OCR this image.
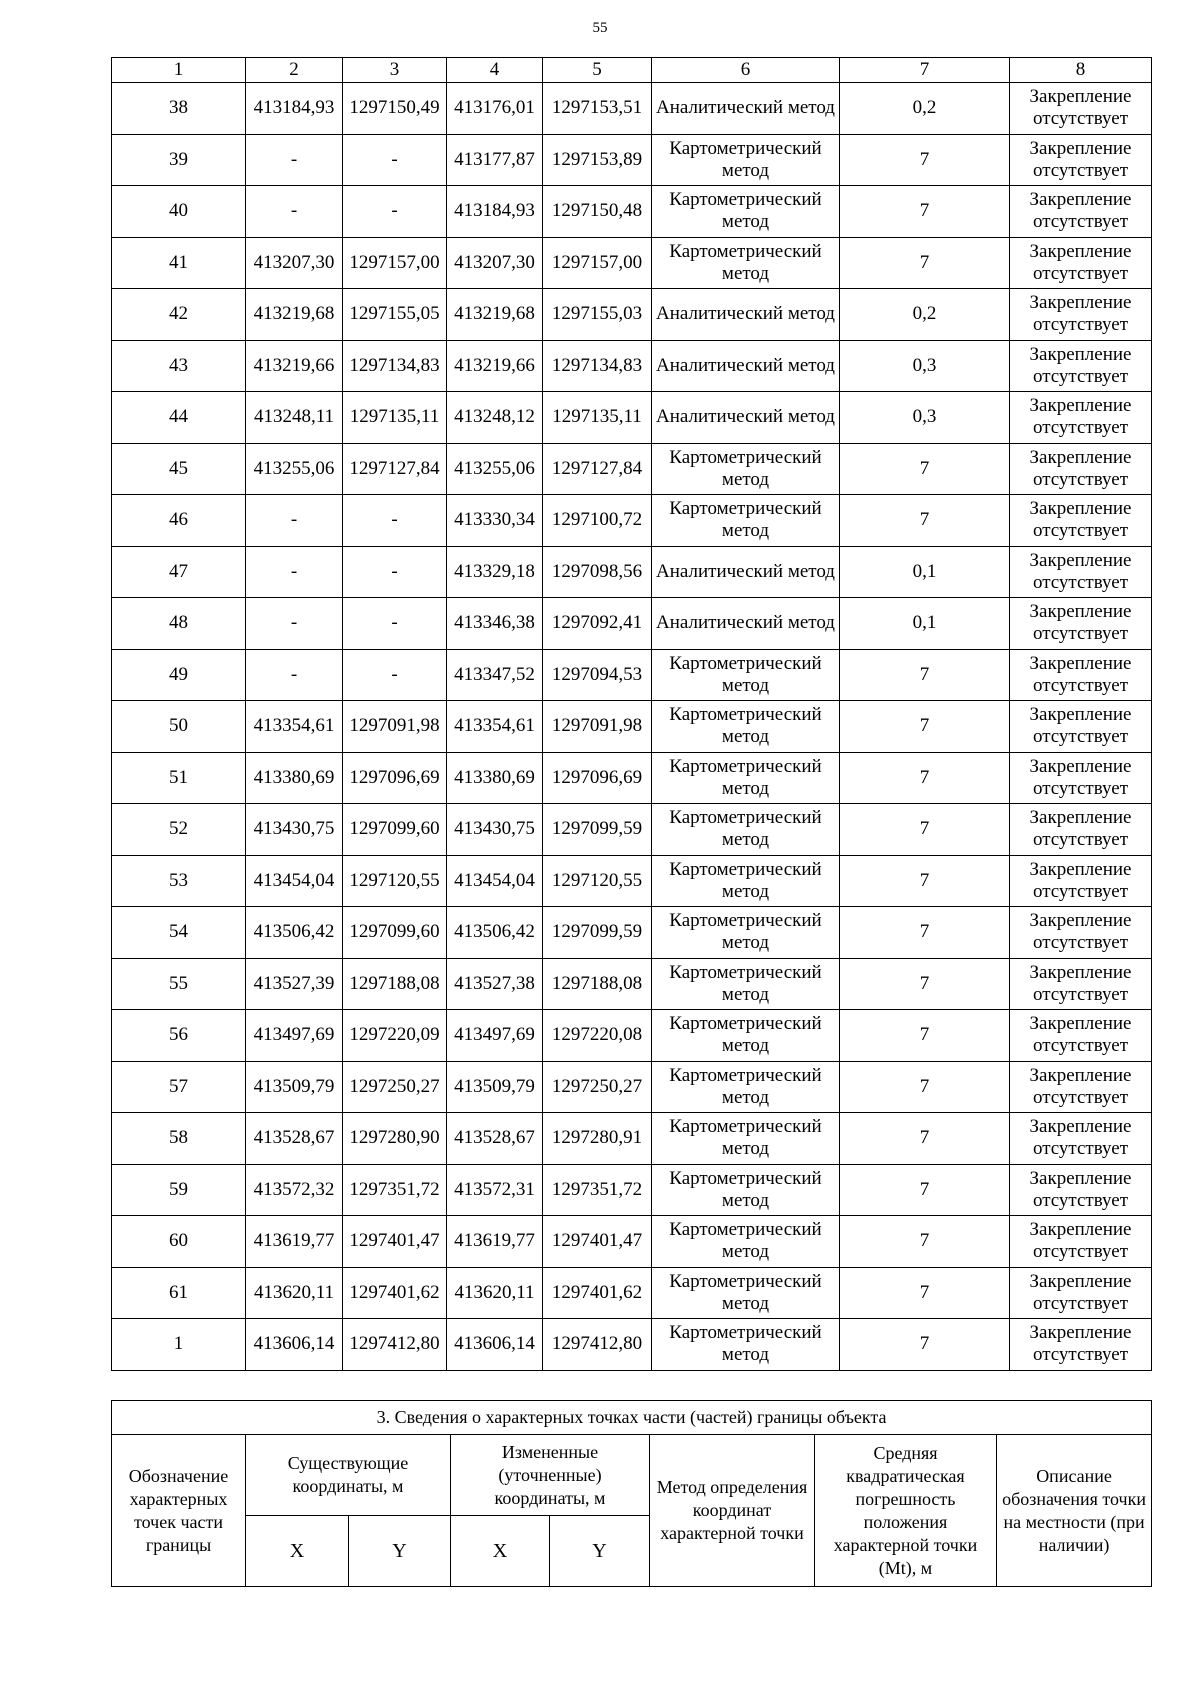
55
1	2	3	4	5	6	7	8
38	413184,93	1297150,49	413176,01	1297153,51	Аналитический метод	0,2	Закрепление отсутствует
39	-	-	413177,87	1297153,89	Картометрический метод	7	Закрепление отсутствует
40	-	-	413184,93	1297150,48	Картометрический метод	7	Закрепление отсутствует
41	413207,30	1297157,00	413207,30	1297157,00	Картометрический метод	7	Закрепление отсутствует
42	413219,68	1297155,05	413219,68	1297155,03	Аналитический метод	0,2	Закрепление отсутствует
43	413219,66	1297134,83	413219,66	1297134,83	Аналитический метод	0,3	Закрепление отсутствует
44	413248,11	1297135,11	413248,12	1297135,11	Аналитический метод	0,3	Закрепление отсутствует
45	413255,06	1297127,84	413255,06	1297127,84	Картометрический метод	7	Закрепление отсутствует
46	-	-	413330,34	1297100,72	Картометрический метод	7	Закрепление отсутствует
47	-	-	413329,18	1297098,56	Аналитический метод	0,1	Закрепление отсутствует
48	-	-	413346,38	1297092,41	Аналитический метод	0,1	Закрепление отсутствует
49	-	-	413347,52	1297094,53	Картометрический метод	7	Закрепление отсутствует
50	413354,61	1297091,98	413354,61	1297091,98	Картометрический метод	7	Закрепление отсутствует
51	413380,69	1297096,69	413380,69	1297096,69	Картометрический метод	7	Закрепление отсутствует
52	413430,75	1297099,60	413430,75	1297099,59	Картометрический метод	7	Закрепление отсутствует
53	413454,04	1297120,55	413454,04	1297120,55	Картометрический метод	7	Закрепление отсутствует
54	413506,42	1297099,60	413506,42	1297099,59	Картометрический метод	7	Закрепление отсутствует
55	413527,39	1297188,08	413527,38	1297188,08	Картометрический метод	7	Закрепление отсутствует
56	413497,69	1297220,09	413497,69	1297220,08	Картометрический метод	7	Закрепление отсутствует
57	413509,79	1297250,27	413509,79	1297250,27	Картометрический метод	7	Закрепление отсутствует
58	413528,67	1297280,90	413528,67	1297280,91	Картометрический метод	7	Закрепление отсутствует
59	413572,32	1297351,72	413572,31	1297351,72	Картометрический метод	7	Закрепление отсутствует
60	413619,77	1297401,47	413619,77	1297401,47	Картометрический метод	7	Закрепление отсутствует
61	413620,11	1297401,62	413620,11	1297401,62	Картометрический метод	7	Закрепление отсутствует
1	413606,14	1297412,80	413606,14	1297412,80	Картометрический метод	7	Закрепление отсутствует
3. Сведения о характерных точках части (частей) границы объекта							
Обозначение характерных точек части границы	Существующие координаты, м		Измененные (уточненные) координаты, м		Метод определения координат характерной точки	Средняя квадратическая погрешность положения характерной точки (Mt), м	Описание обозначения точки на местности (при наличии)
	X	Y	X	Y			
